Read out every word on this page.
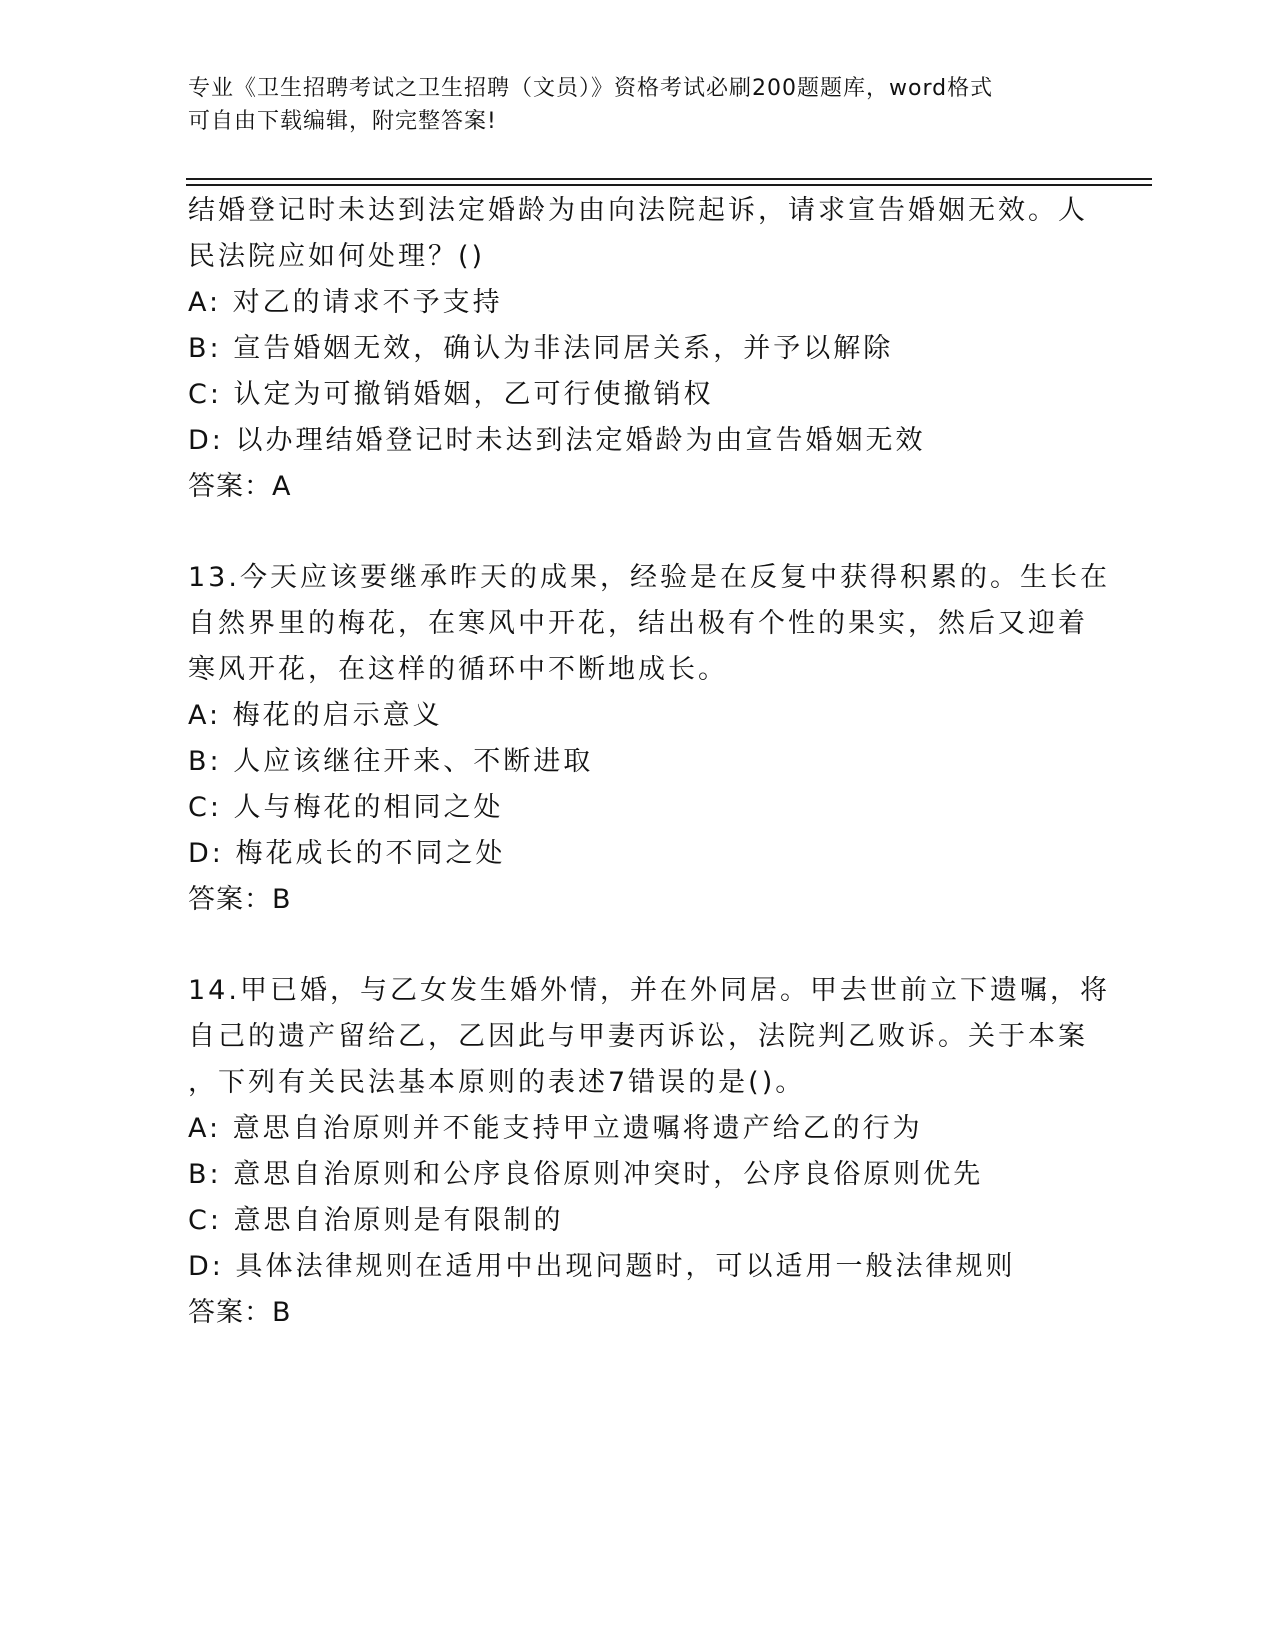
专业《卫生招聘考试之卫生招聘（文员）》资格考试必刷200题题库，word格式
可自由下载编辑，附完整答案!
结婚登记时未达到法定婚龄为由向法院起诉，请求宣告婚姻无效。人
民法院应如何处理？()
A: 对乙的请求不予支持
B: 宣告婚姻无效，确认为非法同居关系，并予以解除
C: 认定为可撤销婚姻，乙可行使撤销权
D: 以办理结婚登记时未达到法定婚龄为由宣告婚姻无效
答案：A
13.今天应该要继承昨天的成果，经验是在反复中获得积累的。生长在
自然界里的梅花，在寒风中开花，结出极有个性的果实，然后又迎着
寒风开花，在这样的循环中不断地成长。
A: 梅花的启示意义
B: 人应该继往开来、不断进取
C: 人与梅花的相同之处
D: 梅花成长的不同之处
答案：B
14.甲已婚，与乙女发生婚外情，并在外同居。甲去世前立下遗嘱，将
自己的遗产留给乙，乙因此与甲妻丙诉讼，法院判乙败诉。关于本案
，下列有关民法基本原则的表述7错误的是()。
A: 意思自治原则并不能支持甲立遗嘱将遗产给乙的行为
B: 意思自治原则和公序良俗原则冲突时，公序良俗原则优先
C: 意思自治原则是有限制的
D: 具体法律规则在适用中出现问题时，可以适用一般法律规则
答案：B
